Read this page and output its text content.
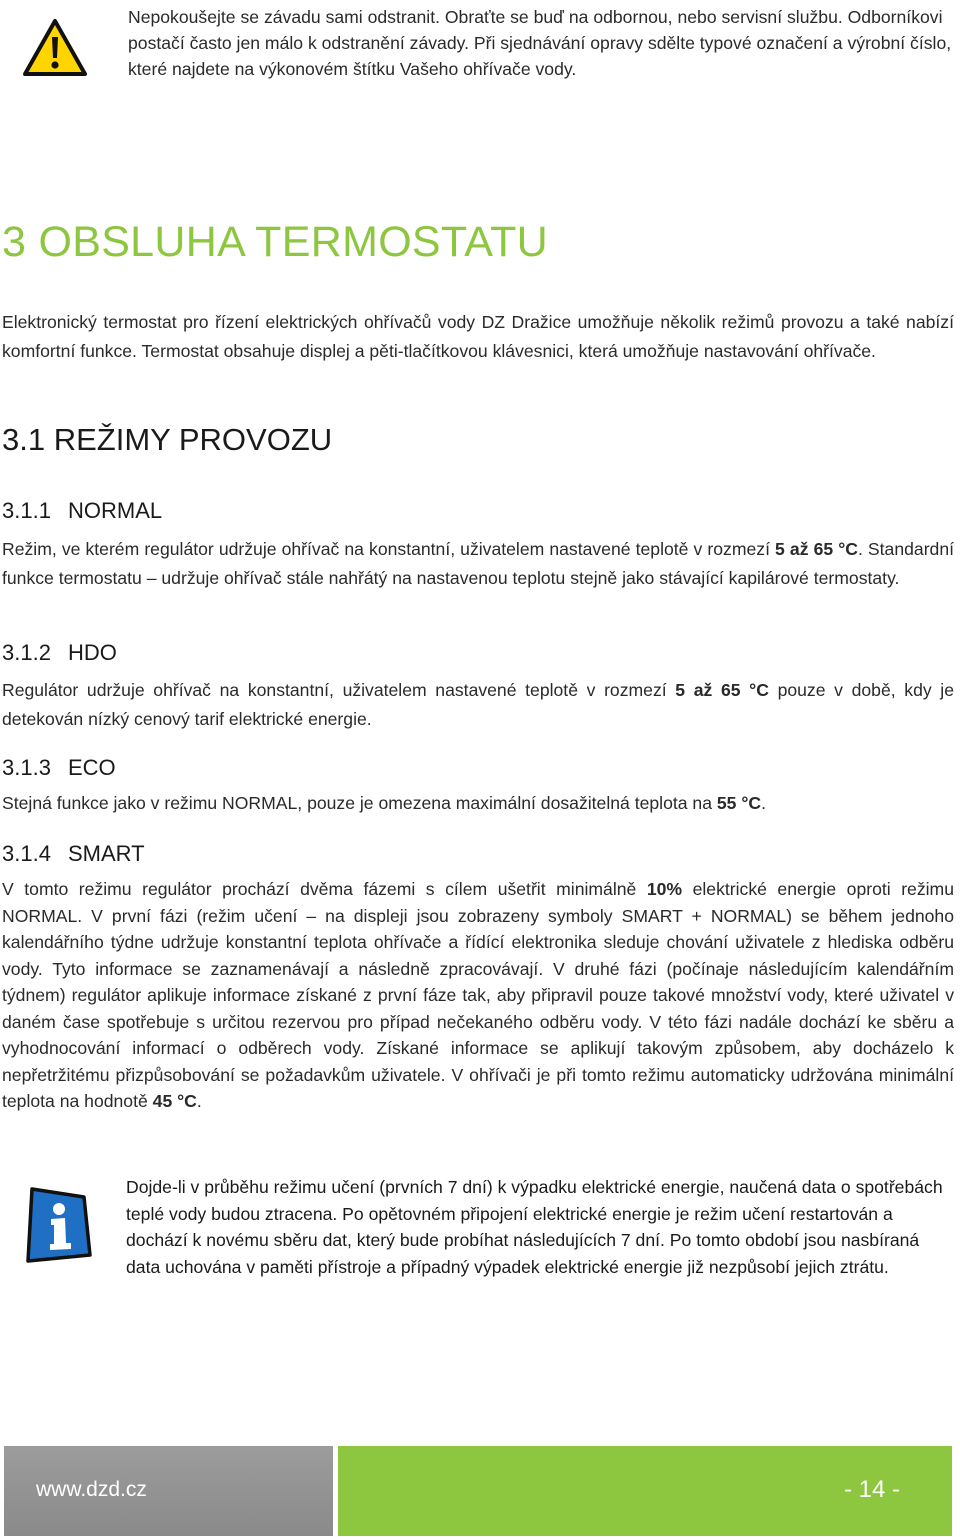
Nepokoušejte se závadu sami odstranit. Obraťte se buď na odbornou, nebo servisní službu. Odborníkovi postačí často jen málo k odstranění závady. Při sjednávání opravy sdělte typové označení a výrobní číslo, které najdete na výkonovém štítku Vašeho ohřívače vody.
3 OBSLUHA TERMOSTATU

Elektronický termostat pro řízení elektrických ohřívačů vody DZ Dražice umožňuje několik režimů provozu a také nabízí komfortní funkce. Termostat obsahuje displej a pěti-tlačítkovou klávesnici, která umožňuje nastavování ohřívače.

3.1 REŽIMY PROVOZU
3.1.1 NORMAL

Režim, ve kterém regulátor udržuje ohřívač na konstantní, uživatelem nastavené teplotě v rozmezí 5 až 65 °C. Standardní funkce termostatu – udržuje ohřívač stále nahřátý na nastavenou teplotu stejně jako stávající kapilárové termostaty.

3.1.2 HDO

Regulátor udržuje ohřívač na konstantní, uživatelem nastavené teplotě v rozmezí 5 až 65 °C pouze v době, kdy je detekován nízký cenový tarif elektrické energie.

3.1.3 ECO

Stejná funkce jako v režimu NORMAL, pouze je omezena maximální dosažitelná teplota na 55 °C.

3.1.4 SMART

V tomto režimu regulátor prochází dvěma fázemi s cílem ušetřit minimálně 10% elektrické energie oproti režimu NORMAL. V první fázi (režim učení – na displeji jsou zobrazeny symboly SMART + NORMAL) se během jednoho kalendářního týdne udržuje konstantní teplota ohřívače a řídící elektronika sleduje chování uživatele z hlediska odběru vody. Tyto informace se zaznamenávají a následně zpracovávají. V druhé fázi (počínaje následujícím kalendářním týdnem) regulátor aplikuje informace získané z první fáze tak, aby připravil pouze takové množství vody, které uživatel v daném čase spotřebuje s určitou rezervou pro případ nečekaného odběru vody. V této fázi nadále dochází ke sběru a vyhodnocování informací o odběrech vody. Získané informace se aplikují takovým způsobem, aby docházelo k nepřetržitému přizpůsobování se požadavkům uživatele. V ohřívači je při tomto režimu automaticky udržována minimální teplota na hodnotě 45 °C.

Dojde-li v průběhu režimu učení (prvních 7 dní) k výpadku elektrické energie, naučená data o spotřebách teplé vody budou ztracena. Po opětovném připojení elektrické energie je režim učení restartován a dochází k novému sběru dat, který bude probíhat následujících 7 dní. Po tomto období jsou nasbíraná data uchována v paměti přístroje a případný výpadek elektrické energie již nezpůsobí jejich ztrátu.
www.dzd.cz	- 14 -
